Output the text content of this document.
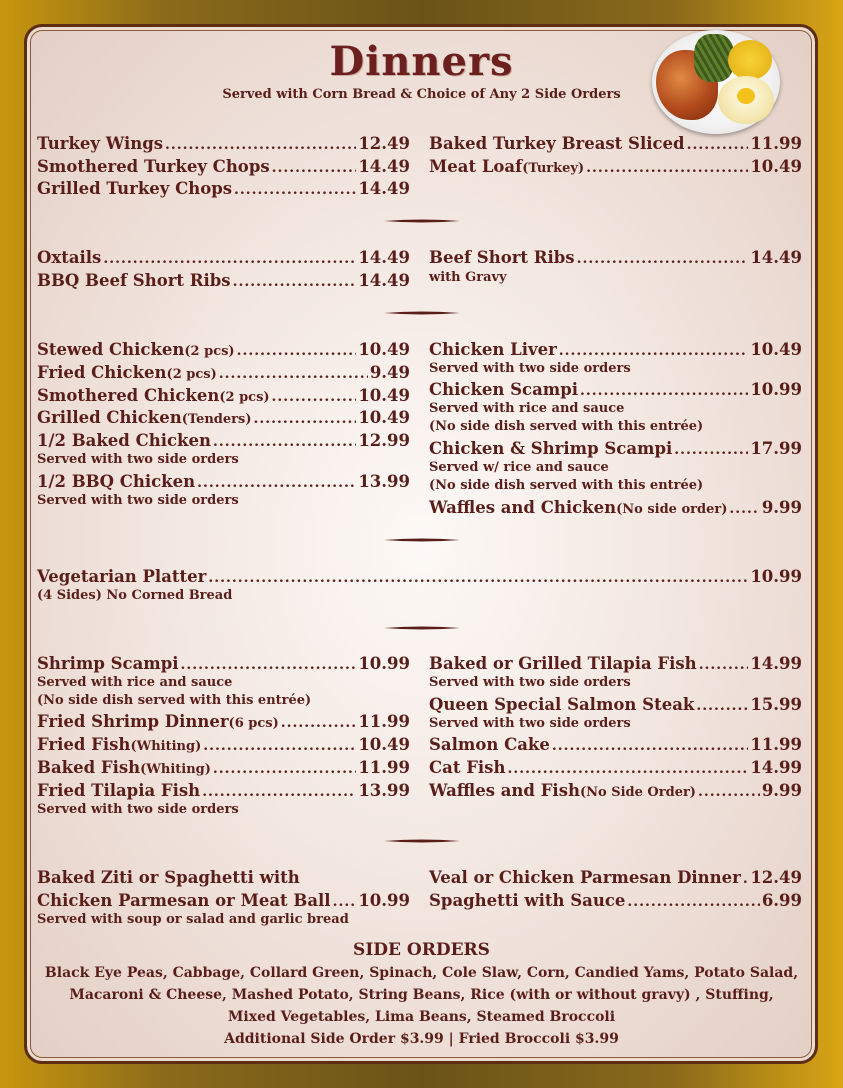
Dinners
Served with Corn Bread & Choice of Any 2 Side Orders
Turkey Wings .....	12.49
Smothered Turkey Chops .....	14.49
Grilled Turkey Chops .....	14.49
Baked Turkey Breast Sliced .....	11.99
Meat Loaf (Turkey) .....	10.49
Oxtails .....	14.49
BBQ Beef Short Ribs .....	14.49
Beef Short Ribs .....	14.49
with Gravy
Stewed Chicken (2 pcs) .....	10.49
Fried Chicken (2 pcs) .....	9.49
Smothered Chicken (2 pcs) .....	10.49
Grilled Chicken (Tenders) .....	10.49
1/2 Baked Chicken .....	12.99
Served with two side orders
1/2 BBQ Chicken .....	13.99
Served with two side orders
Chicken Liver .....	10.49
Served with two side orders
Chicken Scampi .....	10.99
Served with rice and sauce
(No side dish served with this entrée)
Chicken & Shrimp Scampi .....	17.99
Served w/ rice and sauce
(No side dish served with this entrée)
Waffles and Chicken (No side order) ..... 9.99
Vegetarian Platter .....	10.99
(4 Sides) No Corned Bread
Shrimp Scampi .....	10.99
Served with rice and sauce
(No side dish served with this entrée)
Fried Shrimp Dinner (6 pcs) .....	11.99
Fried Fish (Whiting) .....	10.49
Baked Fish (Whiting) .....	11.99
Fried Tilapia Fish .....	13.99
Served with two side orders
Baked or Grilled Tilapia Fish .....	14.99
Served with two side orders
Queen Special Salmon Steak .....	15.99
Served with two side orders
Salmon Cake .....	11.99
Cat Fish .....	14.99
Waffles and Fish (No Side Order) .....	9.99
Baked Ziti or Spaghetti with
Chicken Parmesan or Meat Ball ..... 10.99
Served with soup or salad and garlic bread
Veal or Chicken Parmesan Dinner ..... 12.49
Spaghetti with Sauce .....	6.99
SIDE ORDERS
Black Eye Peas, Cabbage, Collard Green, Spinach, Cole Slaw, Corn, Candied Yams, Potato Salad,
Macaroni & Cheese, Mashed Potato, String Beans, Rice (with or without gravy) , Stuffing,
Mixed Vegetables, Lima Beans, Steamed Broccoli
Additional Side Order $3.99 | Fried Broccoli $3.99
